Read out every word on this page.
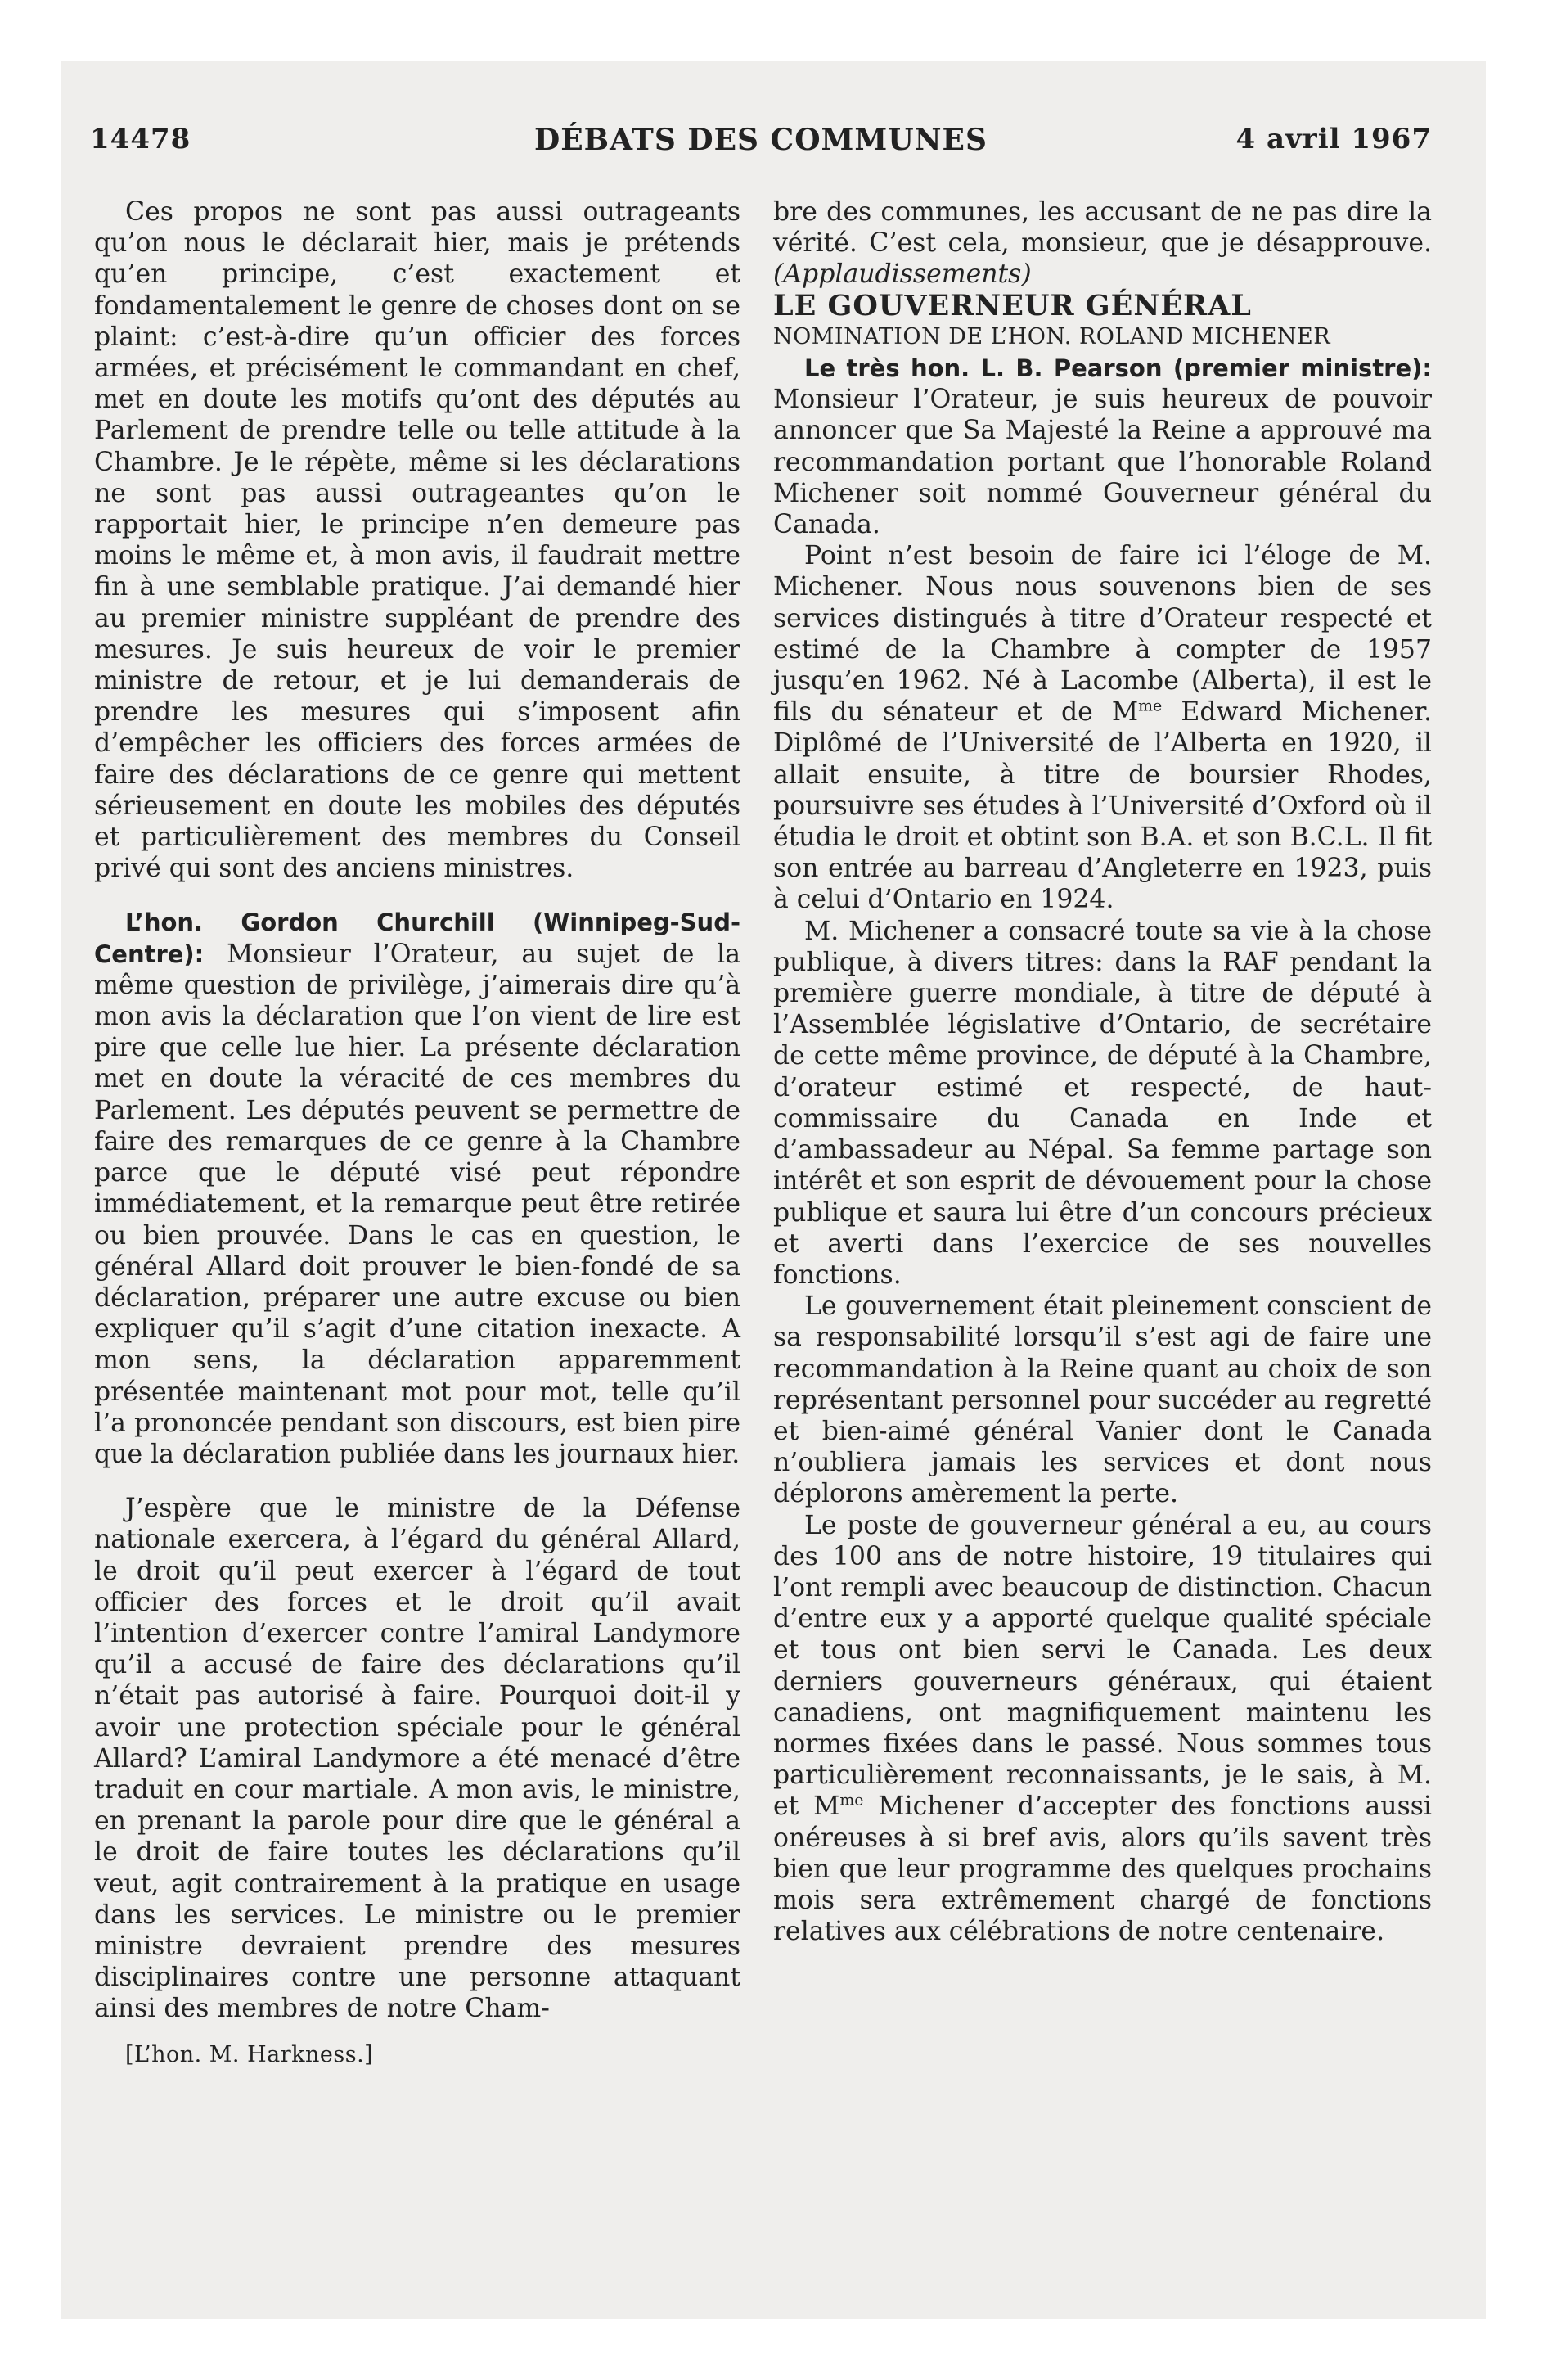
DÉBATS DES COMMUNES
14478	4 avril 1967

Ces propos ne sont pas aussi outrageants qu’on nous le déclarait hier, mais je prétends qu’en principe, c’est exactement et fondamentalement le genre de choses dont on se plaint: c’est-à-dire qu’un officier des forces armées, et précisément le commandant en chef, met en doute les motifs qu’ont des députés au Parlement de prendre telle ou telle attitude à la Chambre. Je le répète, même si les déclarations ne sont pas aussi outrageantes qu’on le rapportait hier, le principe n’en demeure pas moins le même et, à mon avis, il faudrait mettre fin à une semblable pratique. J’ai demandé hier au premier ministre suppléant de prendre des mesures. Je suis heureux de voir le premier ministre de retour, et je lui demanderais de prendre les mesures qui s’imposent afin d’empêcher les officiers des forces armées de faire des déclarations de ce genre qui mettent sérieusement en doute les mobiles des députés et particulièrement des membres du Conseil privé qui sont des anciens ministres.

L’hon. Gordon Churchill (Winnipeg-Sud-Centre): Monsieur l’Orateur, au sujet de la même question de privilège, j’aimerais dire qu’à mon avis la déclaration que l’on vient de lire est pire que celle lue hier. La présente déclaration met en doute la véracité de ces membres du Parlement. Les députés peuvent se permettre de faire des remarques de ce genre à la Chambre parce que le député visé peut répondre immédiatement, et la remarque peut être retirée ou bien prouvée. Dans le cas en question, le général Allard doit prouver le bien-fondé de sa déclaration, préparer une autre excuse ou bien expliquer qu’il s’agit d’une citation inexacte. A mon sens, la déclaration apparemment présentée maintenant mot pour mot, telle qu’il l’a prononcée pendant son discours, est bien pire que la déclaration publiée dans les journaux hier.

J’espère que le ministre de la Défense nationale exercera, à l’égard du général Allard, le droit qu’il peut exercer à l’égard de tout officier des forces et le droit qu’il avait l’intention d’exercer contre l’amiral Landymore qu’il a accusé de faire des déclarations qu’il n’était pas autorisé à faire. Pourquoi doit-il y avoir une protection spéciale pour le général Allard? L’amiral Landymore a été menacé d’être traduit en cour martiale. A mon avis, le ministre, en prenant la parole pour dire que le général a le droit de faire toutes les déclarations qu’il veut, agit contrairement à la pratique en usage dans les services. Le ministre ou le premier ministre devraient prendre des mesures disciplinaires contre une personne attaquant ainsi des membres de notre Cham-

[L’hon. M. Harkness.]

bre des communes, les accusant de ne pas dire la vérité. C’est cela, monsieur, que je désapprouve. (Applaudissements)

LE GOUVERNEUR GÉNÉRAL

NOMINATION DE L’HON. ROLAND MICHENER

Le très hon. L. B. Pearson (premier ministre): Monsieur l’Orateur, je suis heureux de pouvoir annoncer que Sa Majesté la Reine a approuvé ma recommandation portant que l’honorable Roland Michener soit nommé Gouverneur général du Canada.

Point n’est besoin de faire ici l’éloge de M. Michener. Nous nous souvenons bien de ses services distingués à titre d’Orateur respecté et estimé de la Chambre à compter de 1957 jusqu’en 1962. Né à Lacombe (Alberta), il est le fils du sénateur et de $M^{me}$ Edward Michener. Diplômé de l’Université de l’Alberta en 1920, il allait ensuite, à titre de boursier Rhodes, poursuivre ses études à l’Université d’Oxford où il étudia le droit et obtint son B.A. et son B.C.L. Il fit son entrée au barreau d’Angleterre en 1923, puis à celui d’Ontario en 1924.

M. Michener a consacré toute sa vie à la chose publique, à divers titres: dans la RAF pendant la première guerre mondiale, à titre de député à l’Assemblée législative d’Ontario, de secrétaire de cette même province, de député à la Chambre, d’orateur estimé et respecté, de haut-commissaire du Canada en Inde et d’ambassadeur au Népal. Sa femme partage son intérêt et son esprit de dévouement pour la chose publique et saura lui être d’un concours précieux et averti dans l’exercice de ses nouvelles fonctions.

Le gouvernement était pleinement conscient de sa responsabilité lorsqu’il s’est agi de faire une recommandation à la Reine quant au choix de son représentant personnel pour succéder au regretté et bien-aimé général Vanier dont le Canada n’oubliera jamais les services et dont nous déplorons amèrement la perte.

Le poste de gouverneur général a eu, au cours des 100 ans de notre histoire, 19 titulaires qui l’ont rempli avec beaucoup de distinction. Chacun d’entre eux y a apporté quelque qualité spéciale et tous ont bien servi le Canada. Les deux derniers gouverneurs généraux, qui étaient canadiens, ont magnifiquement maintenu les normes fixées dans le passé. Nous sommes tous particulièrement reconnaissants, je le sais, à M. et $M^{me}$ Michener d’accepter des fonctions aussi onéreuses à si bref avis, alors qu’ils savent très bien que leur programme des quelques prochains mois sera extrêmement chargé de fonctions relatives aux célébrations de notre centenaire.
